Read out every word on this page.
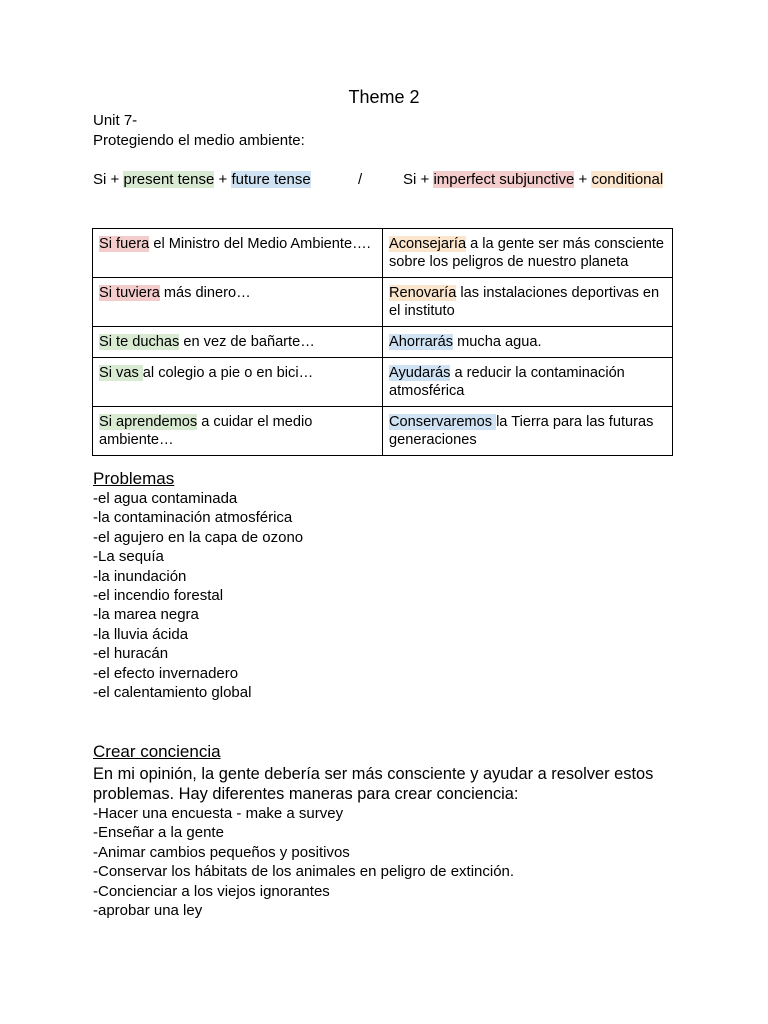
Theme 2
Unit 7-
Protegiendo el medio ambiente:
Si + present tense + future tense	/	Si + imperfect subjunctive + conditional
Si fuera el Ministro del Medio Ambiente….	Aconsejaría a la gente ser más consciente sobre los peligros de nuestro planeta
Si tuviera más dinero…	Renovaría las instalaciones deportivas en el instituto
Si te duchas en vez de bañarte…	Ahorrarás mucha agua.
Si vas al colegio a pie o en bici…	Ayudarás a reducir la contaminación atmosférica
Si aprendemos a cuidar el medio ambiente…	Conservaremos la Tierra para las futuras generaciones
Problemas
-el agua contaminada
-la contaminación atmosférica
-el agujero en la capa de ozono
-La sequía
-la inundación
-el incendio forestal
-la marea negra
-la lluvia ácida
-el huracán
-el efecto invernadero
-el calentamiento global
Crear conciencia

En mi opinión, la gente debería ser más consciente y ayudar a resolver estos problemas. Hay diferentes maneras para crear conciencia:

-Hacer una encuesta - make a survey
-Enseñar a la gente
-Animar cambios pequeños y positivos
-Conservar los hábitats de los animales en peligro de extinción.
-Concienciar a los viejos ignorantes
-aprobar una ley
